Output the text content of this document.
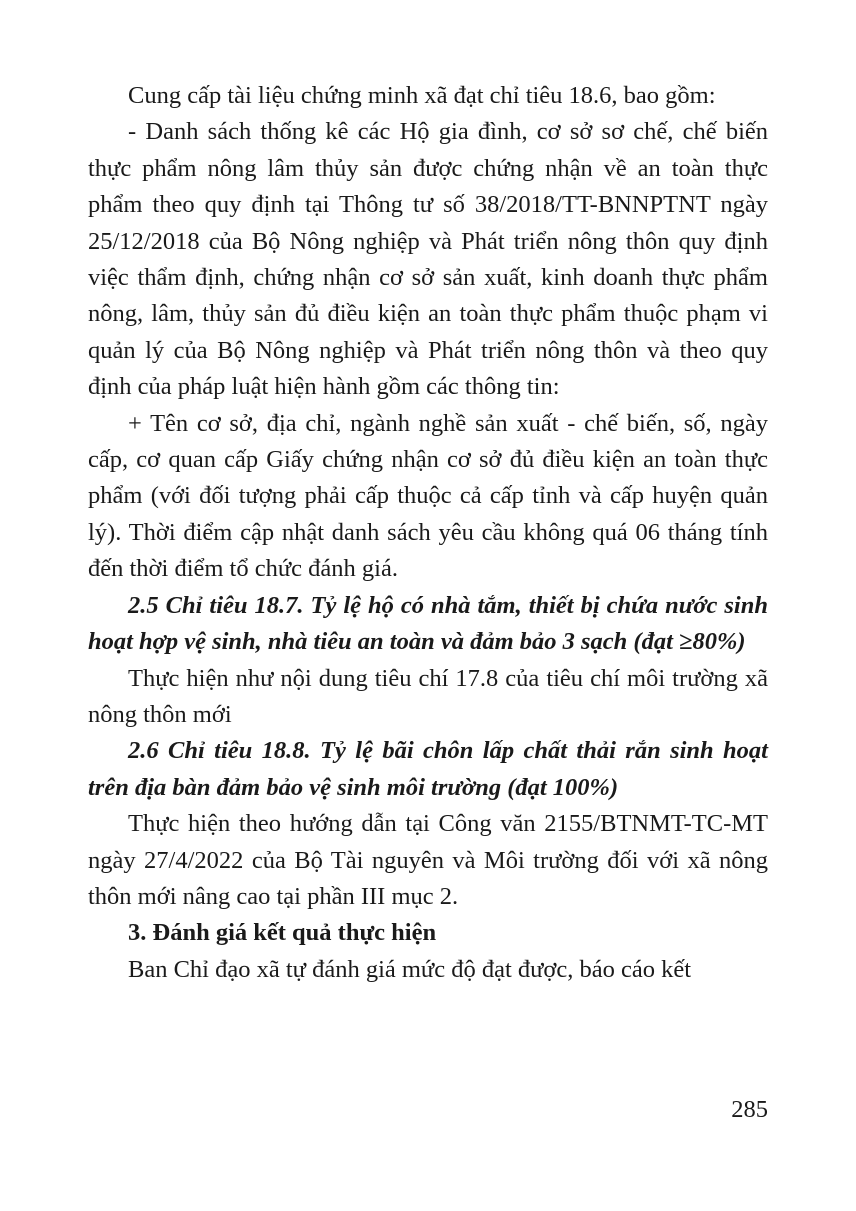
Cung cấp tài liệu chứng minh xã đạt chỉ tiêu 18.6, bao gồm:

- Danh sách thống kê các Hộ gia đình, cơ sở sơ chế, chế biến thực phẩm nông lâm thủy sản được chứng nhận về an toàn thực phẩm theo quy định tại Thông tư số 38/2018/TT-BNNPTNT ngày 25/12/2018 của Bộ Nông nghiệp và Phát triển nông thôn quy định việc thẩm định, chứng nhận cơ sở sản xuất, kinh doanh thực phẩm nông, lâm, thủy sản đủ điều kiện an toàn thực phẩm thuộc phạm vi quản lý của Bộ Nông nghiệp và Phát triển nông thôn và theo quy định của pháp luật hiện hành gồm các thông tin:

+ Tên cơ sở, địa chỉ, ngành nghề sản xuất - chế biến, số, ngày cấp, cơ quan cấp Giấy chứng nhận cơ sở đủ điều kiện an toàn thực phẩm (với đối tượng phải cấp thuộc cả cấp tỉnh và cấp huyện quản lý). Thời điểm cập nhật danh sách yêu cầu không quá 06 tháng tính đến thời điểm tổ chức đánh giá.

2.5 Chỉ tiêu 18.7. Tỷ lệ hộ có nhà tắm, thiết bị chứa nước sinh hoạt hợp vệ sinh, nhà tiêu an toàn và đảm bảo 3 sạch (đạt ≥80%)

Thực hiện như nội dung tiêu chí 17.8 của tiêu chí môi trường xã nông thôn mới

2.6 Chỉ tiêu 18.8. Tỷ lệ bãi chôn lấp chất thải rắn sinh hoạt trên địa bàn đảm bảo vệ sinh môi trường (đạt 100%)

Thực hiện theo hướng dẫn tại Công văn 2155/BTNMT-TC-MT ngày 27/4/2022 của Bộ Tài nguyên và Môi trường đối với xã nông thôn mới nâng cao tại phần III mục 2.

3. Đánh giá kết quả thực hiện

Ban Chỉ đạo xã tự đánh giá mức độ đạt được, báo cáo kết

285
